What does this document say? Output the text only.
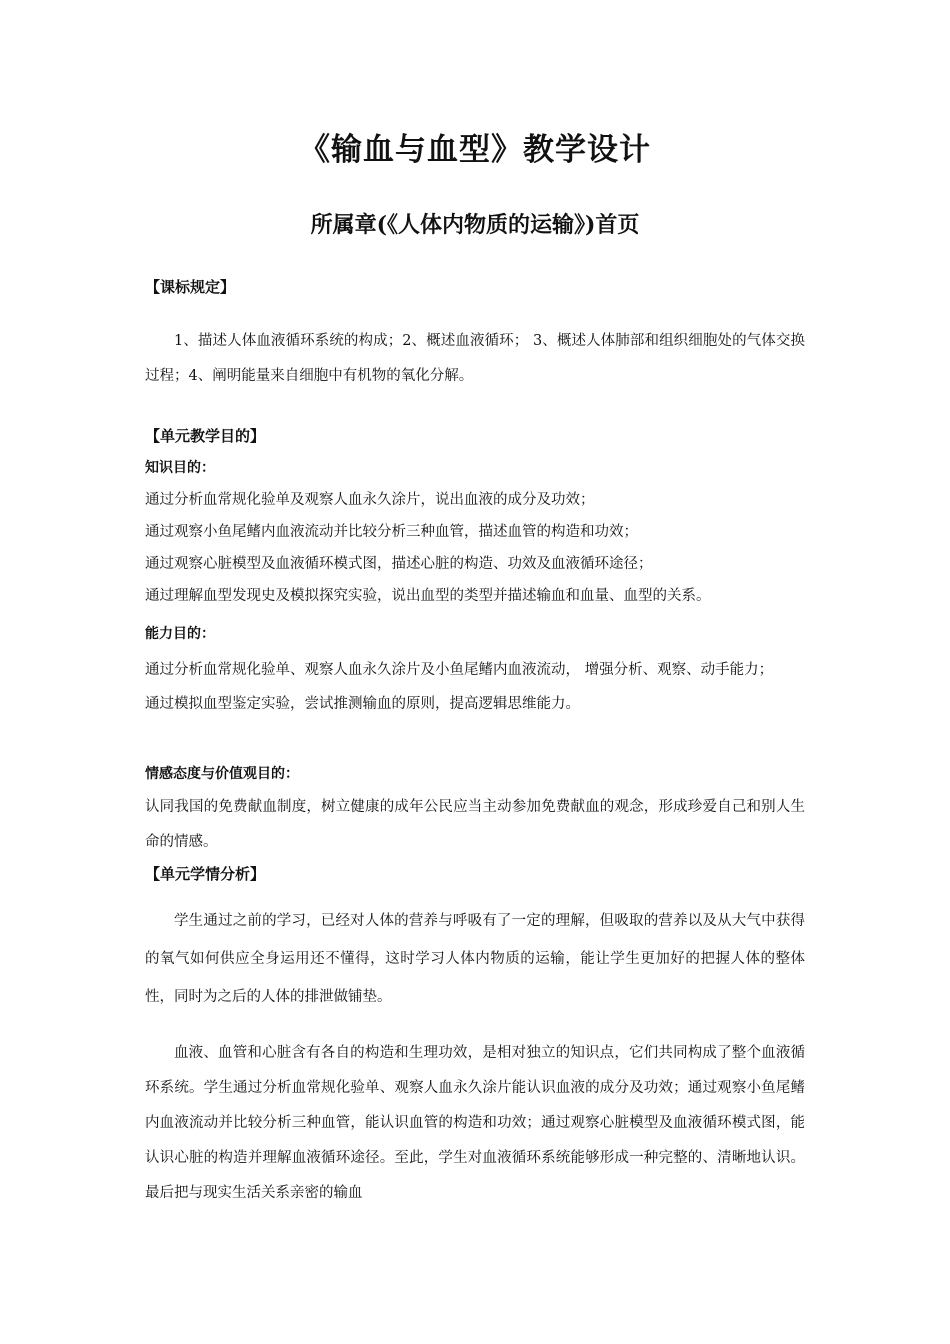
《输血与血型》教学设计
所属章(《人体内物质的运输》)首页

【课标规定】

1、描述人体血液循环系统的构成；2、概述血液循环； 3、概述人体肺部和组织细胞处的气体交换过程；4、阐明能量来自细胞中有机物的氧化分解。

【单元教学目的】

知识目的：

通过分析血常规化验单及观察人血永久涂片，说出血液的成分及功效；

通过观察小鱼尾鳍内血液流动并比较分析三种血管，描述血管的构造和功效；

通过观察心脏模型及血液循环模式图，描述心脏的构造、功效及血液循环途径；

通过理解血型发现史及模拟探究实验，说出血型的类型并描述输血和血量、血型的关系。

能力目的：

通过分析血常规化验单、观察人血永久涂片及小鱼尾鳍内血液流动， 增强分析、观察、动手能力；

通过模拟血型鉴定实验，尝试推测输血的原则，提高逻辑思维能力。

情感态度与价值观目的：

认同我国的免费献血制度，树立健康的成年公民应当主动参加免费献血的观念，形成珍爱自己和别人生命的情感。

【单元学情分析】

学生通过之前的学习，已经对人体的营养与呼吸有了一定的理解，但吸取的营养以及从大气中获得的氧气如何供应全身运用还不懂得，这时学习人体内物质的运输，能让学生更加好的把握人体的整体性，同时为之后的人体的排泄做铺垫。

血液、血管和心脏含有各自的构造和生理功效，是相对独立的知识点，它们共同构成了整个血液循环系统。学生通过分析血常规化验单、观察人血永久涂片能认识血液的成分及功效；通过观察小鱼尾鳍内血液流动并比较分析三种血管，能认识血管的构造和功效；通过观察心脏模型及血液循环模式图，能认识心脏的构造并理解血液循环途径。至此，学生对血液循环系统能够形成一种完整的、清晰地认识。最后把与现实生活关系亲密的输血
